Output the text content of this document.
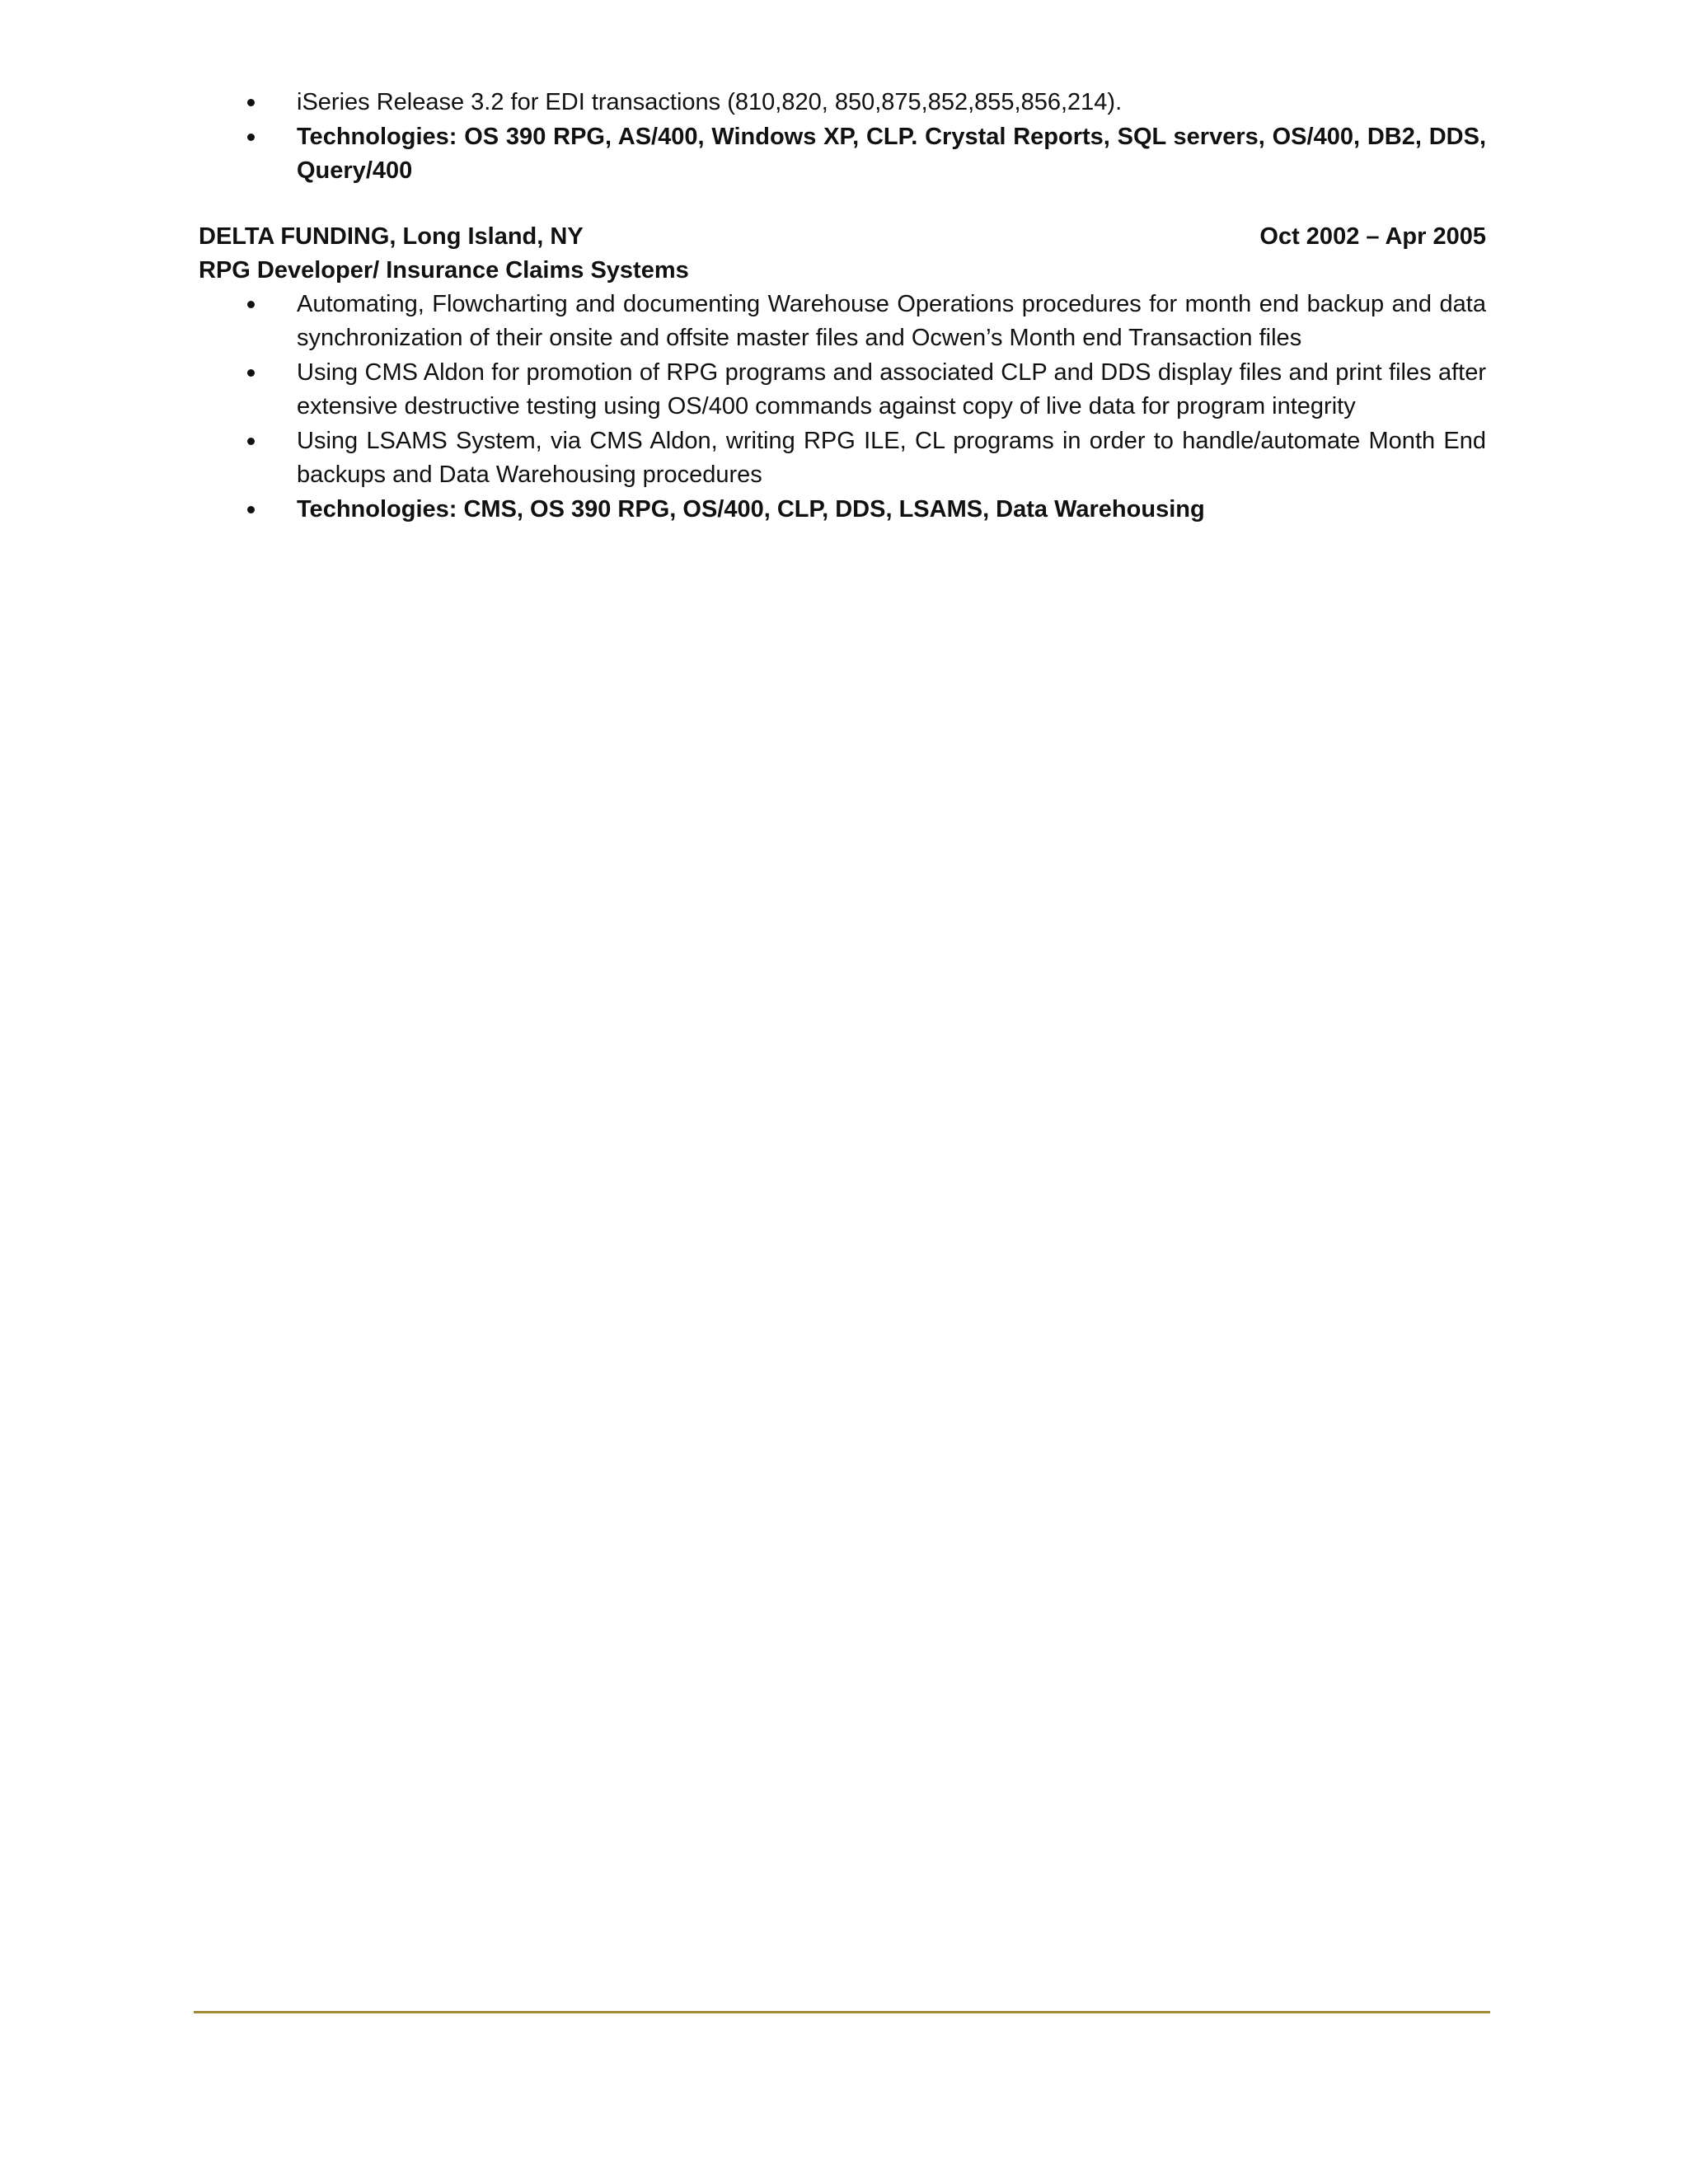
iSeries Release 3.2 for EDI transactions (810,820, 850,875,852,855,856,214).
Technologies: OS 390 RPG, AS/400, Windows XP, CLP. Crystal Reports, SQL servers, OS/400, DB2, DDS, Query/400
DELTA FUNDING, Long Island, NY	Oct 2002 – Apr 2005
RPG Developer/ Insurance Claims Systems
Automating, Flowcharting and documenting Warehouse Operations procedures for month end backup and data synchronization of their onsite and offsite master files and Ocwen’s Month end Transaction files
Using CMS Aldon for promotion of RPG programs and associated CLP and DDS display files and print files after extensive destructive testing using OS/400 commands against copy of live data for program integrity
Using LSAMS System, via CMS Aldon, writing RPG ILE, CL programs in order to handle/automate Month End backups and Data Warehousing procedures
Technologies: CMS, OS 390 RPG, OS/400, CLP, DDS, LSAMS, Data Warehousing
